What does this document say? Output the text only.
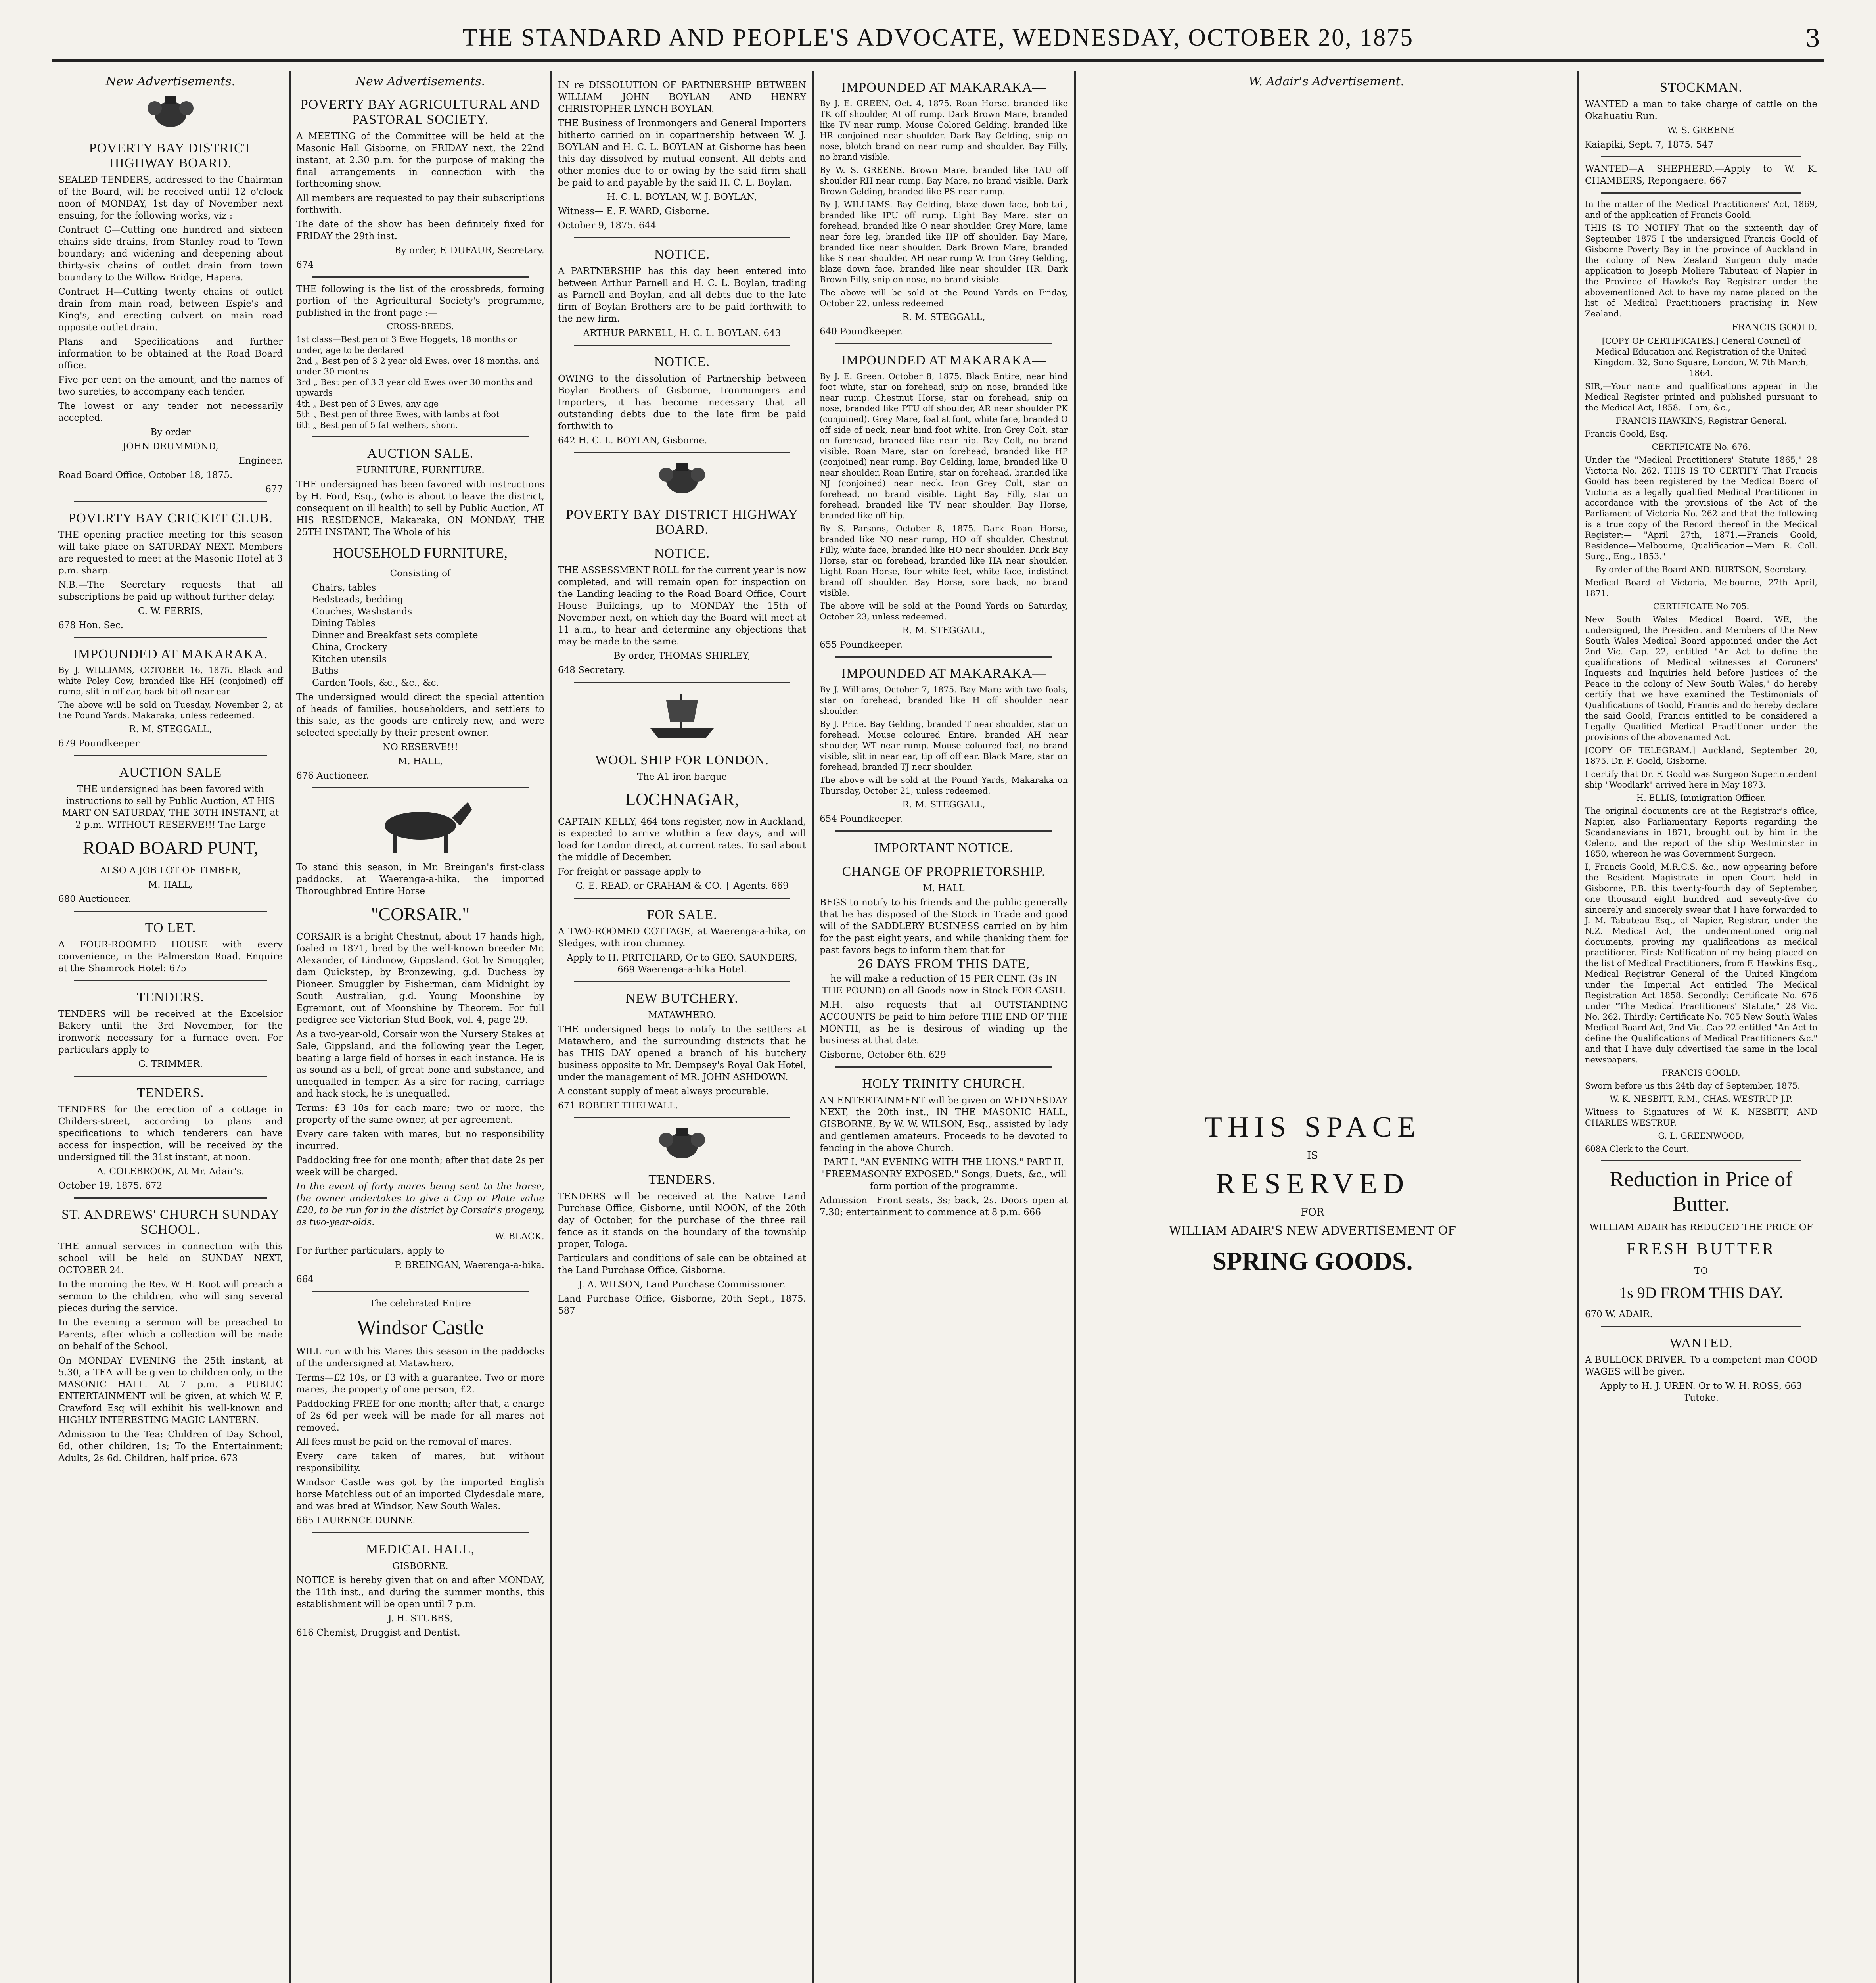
THE STANDARD AND PEOPLE'S ADVOCATE, WEDNESDAY, OCTOBER 20, 1875	3
New Advertisements.
POVERTY BAY DISTRICT HIGHWAY BOARD.
SEALED TENDERS, addressed to the Chairman of the Board, will be received until 12 o'clock noon of MONDAY, 1st day of November next ensuing, for the following works, viz :
Contract G—Cutting one hundred and sixteen chains side drains, from Stanley road to Town boundary; and widening and deepening about thirty-six chains of outlet drain from town boundary to the Willow Bridge, Hapera.
Contract H—Cutting twenty chains of outlet drain from main road, between Espie's and King's, and erecting culvert on main road opposite outlet drain.
Plans and Specifications and further information to be obtained at the Road Board office.
Five per cent on the amount, and the names of two sureties, to accompany each tender.
The lowest or any tender not necessarily accepted.
By order
JOHN DRUMMOND,
Engineer.
Road Board Office, October 18, 1875.
677
POVERTY BAY CRICKET CLUB.
THE opening practice meeting for this season will take place on SATURDAY NEXT. Members are requested to meet at the Masonic Hotel at 3 p.m. sharp.
N.B.—The Secretary requests that all subscriptions be paid up without further delay.
C. W. FERRIS,
678 Hon. Sec.
IMPOUNDED AT MAKARAKA.
By J. WILLIAMS, OCTOBER 16, 1875. Black and white Poley Cow, branded like HH (conjoined) off rump, slit in off ear, back bit off near ear
The above will be sold on Tuesday, November 2, at the Pound Yards, Makaraka, unless redeemed.
R. M. STEGGALL,
679 Poundkeeper
AUCTION SALE
THE undersigned has been favored with instructions to sell by Public Auction, AT HIS MART ON SATURDAY, THE 30TH INSTANT, at 2 p.m. WITHOUT RESERVE!!! The Large
ROAD BOARD PUNT,
ALSO A JOB LOT OF TIMBER,
M. HALL,
680 Auctioneer.
TO LET.
A FOUR-ROOMED HOUSE with every convenience, in the Palmerston Road. Enquire at the Shamrock Hotel: 675
TENDERS.
TENDERS will be received at the Excelsior Bakery until the 3rd November, for the ironwork necessary for a furnace oven. For particulars apply to
G. TRIMMER.
TENDERS.
TENDERS for the erection of a cottage in Childers-street, according to plans and specifications to which tenderers can have access for inspection, will be received by the undersigned till the 31st instant, at noon.
A. COLEBROOK, At Mr. Adair's.
October 19, 1875. 672
ST. ANDREWS' CHURCH SUNDAY SCHOOL.
THE annual services in connection with this school will be held on SUNDAY NEXT, OCTOBER 24.
In the morning the Rev. W. H. Root will preach a sermon to the children, who will sing several pieces during the service.
In the evening a sermon will be preached to Parents, after which a collection will be made on behalf of the School.
On MONDAY EVENING the 25th instant, at 5.30, a TEA will be given to children only, in the MASONIC HALL. At 7 p.m. a PUBLIC ENTERTAINMENT will be given, at which W. F. Crawford Esq will exhibit his well-known and HIGHLY INTERESTING MAGIC LANTERN.
Admission to the Tea: Children of Day School, 6d, other children, 1s; To the Entertainment: Adults, 2s 6d. Children, half price. 673
New Advertisements.
POVERTY BAY AGRICULTURAL AND PASTORAL SOCIETY.
A MEETING of the Committee will be held at the Masonic Hall Gisborne, on FRIDAY next, the 22nd instant, at 2.30 p.m. for the purpose of making the final arrangements in connection with the forthcoming show.
All members are requested to pay their subscriptions forthwith.
The date of the show has been definitely fixed for FRIDAY the 29th inst.
By order, F. DUFAUR, Secretary.
674
THE following is the list of the crossbreds, forming portion of the Agricultural Society's programme, published in the front page :—
CROSS-BREDS.
1st class—Best pen of 3 Ewe Hoggets, 18 months or under, age to be declared
2nd „ Best pen of 3 2 year old Ewes, over 18 months, and under 30 months
3rd „ Best pen of 3 3 year old Ewes over 30 months and upwards
4th „ Best pen of 3 Ewes, any age
5th „ Best pen of three Ewes, with lambs at foot
6th „ Best pen of 5 fat wethers, shorn.
AUCTION SALE.
FURNITURE, FURNITURE.
THE undersigned has been favored with instructions by H. Ford, Esq., (who is about to leave the district, consequent on ill health) to sell by Public Auction, AT HIS RESIDENCE, Makaraka, ON MONDAY, THE 25TH INSTANT, The Whole of his
HOUSEHOLD FURNITURE,
Consisting of
Chairs, tables
Bedsteads, bedding
Couches, Washstands
Dining Tables
Dinner and Breakfast sets complete
China, Crockery
Kitchen utensils
Baths
Garden Tools, &c., &c., &c.
The undersigned would direct the special attention of heads of families, householders, and settlers to this sale, as the goods are entirely new, and were selected specially by their present owner.
NO RESERVE!!!
M. HALL,
676 Auctioneer.
To stand this season, in Mr. Breingan's first-class paddocks, at Waerenga-a-hika, the imported Thoroughbred Entire Horse
"CORSAIR."
CORSAIR is a bright Chestnut, about 17 hands high, foaled in 1871, bred by the well-known breeder Mr. Alexander, of Lindinow, Gippsland. Got by Smuggler, dam Quickstep, by Bronzewing, g.d. Duchess by Pioneer. Smuggler by Fisherman, dam Midnight by South Australian, g.d. Young Moonshine by Egremont, out of Moonshine by Theorem. For full pedigree see Victorian Stud Book, vol. 4, page 29.
As a two-year-old, Corsair won the Nursery Stakes at Sale, Gippsland, and the following year the Leger, beating a large field of horses in each instance. He is as sound as a bell, of great bone and substance, and unequalled in temper. As a sire for racing, carriage and hack stock, he is unequalled.
Terms: £3 10s for each mare; two or more, the property of the same owner, at per agreement.
Every care taken with mares, but no responsibility incurred.
Paddocking free for one month; after that date 2s per week will be charged.
In the event of forty mares being sent to the horse, the owner undertakes to give a Cup or Plate value £20, to be run for in the district by Corsair's progeny, as two-year-olds.
W. BLACK.
For further particulars, apply to
P. BREINGAN, Waerenga-a-hika.
664
The celebrated Entire
Windsor Castle
WILL run with his Mares this season in the paddocks of the undersigned at Matawhero.
Terms—£2 10s, or £3 with a guarantee. Two or more mares, the property of one person, £2.
Paddocking FREE for one month; after that, a charge of 2s 6d per week will be made for all mares not removed.
All fees must be paid on the removal of mares.
Every care taken of mares, but without responsibility.
Windsor Castle was got by the imported English horse Matchless out of an imported Clydesdale mare, and was bred at Windsor, New South Wales.
665 LAURENCE DUNNE.
MEDICAL HALL,
GISBORNE.
NOTICE is hereby given that on and after MONDAY, the 11th inst., and during the summer months, this establishment will be open until 7 p.m.
J. H. STUBBS,
616 Chemist, Druggist and Dentist.
IN re DISSOLUTION OF PARTNERSHIP BETWEEN WILLIAM JOHN BOYLAN AND HENRY CHRISTOPHER LYNCH BOYLAN.
THE Business of Ironmongers and General Importers hitherto carried on in copartnership between W. J. BOYLAN and H. C. L. BOYLAN at Gisborne has been this day dissolved by mutual consent. All debts and other monies due to or owing by the said firm shall be paid to and payable by the said H. C. L. Boylan.
H. C. L. BOYLAN, W. J. BOYLAN,
Witness— E. F. WARD, Gisborne.
October 9, 1875. 644
NOTICE.
A PARTNERSHIP has this day been entered into between Arthur Parnell and H. C. L. Boylan, trading as Parnell and Boylan, and all debts due to the late firm of Boylan Brothers are to be paid forthwith to the new firm.
ARTHUR PARNELL, H. C. L. BOYLAN. 643
NOTICE.
OWING to the dissolution of Partnership between Boylan Brothers of Gisborne, Ironmongers and Importers, it has become necessary that all outstanding debts due to the late firm be paid forthwith to
642 H. C. L. BOYLAN, Gisborne.
POVERTY BAY DISTRICT HIGHWAY BOARD.
NOTICE.
THE ASSESSMENT ROLL for the current year is now completed, and will remain open for inspection on the Landing leading to the Road Board Office, Court House Buildings, up to MONDAY the 15th of November next, on which day the Board will meet at 11 a.m., to hear and determine any objections that may be made to the same.
By order, THOMAS SHIRLEY,
648 Secretary.
WOOL SHIP FOR LONDON.
The A1 iron barque
LOCHNAGAR,
CAPTAIN KELLY, 464 tons register, now in Auckland, is expected to arrive whithin a few days, and will load for London direct, at current rates. To sail about the middle of December.
For freight or passage apply to
G. E. READ, or GRAHAM & CO. } Agents. 669
FOR SALE.
A TWO-ROOMED COTTAGE, at Waerenga-a-hika, on Sledges, with iron chimney.
Apply to H. PRITCHARD, Or to GEO. SAUNDERS, 669 Waerenga-a-hika Hotel.
NEW BUTCHERY.
MATAWHERO.
THE undersigned begs to notify to the settlers at Matawhero, and the surrounding districts that he has THIS DAY opened a branch of his butchery business opposite to Mr. Dempsey's Royal Oak Hotel, under the management of MR. JOHN ASHDOWN.
A constant supply of meat always procurable.
671 ROBERT THELWALL.
TENDERS.
TENDERS will be received at the Native Land Purchase Office, Gisborne, until NOON, of the 20th day of October, for the purchase of the three rail fence as it stands on the boundary of the township proper, Tologa.
Particulars and conditions of sale can be obtained at the Land Purchase Office, Gisborne.
J. A. WILSON, Land Purchase Commissioner.
Land Purchase Office, Gisborne, 20th Sept., 1875. 587
IMPOUNDED AT MAKARAKA—
By J. E. GREEN, Oct. 4, 1875. Roan Horse, branded like TK off shoulder, AI off rump. Dark Brown Mare, branded like TV near rump. Mouse Colored Gelding, branded like HR conjoined near shoulder. Dark Bay Gelding, snip on nose, blotch brand on near rump and shoulder. Bay Filly, no brand visible.
By W. S. GREENE. Brown Mare, branded like TAU off shoulder RH near rump. Bay Mare, no brand visible. Dark Brown Gelding, branded like PS near rump.
By J. WILLIAMS. Bay Gelding, blaze down face, bob-tail, branded like IPU off rump. Light Bay Mare, star on forehead, branded like O near shoulder. Grey Mare, lame near fore leg, branded like HP off shoulder. Bay Mare, branded like near shoulder. Dark Brown Mare, branded like S near shoulder, AH near rump W. Iron Grey Gelding, blaze down face, branded like near shoulder HR. Dark Brown Filly, snip on nose, no brand visible.
The above will be sold at the Pound Yards on Friday, October 22, unless redeemed
R. M. STEGGALL,
640 Poundkeeper.
IMPOUNDED AT MAKARAKA—
By J. E. Green, October 8, 1875. Black Entire, near hind foot white, star on forehead, snip on nose, branded like near rump. Chestnut Horse, star on forehead, snip on nose, branded like PTU off shoulder, AR near shoulder PK (conjoined). Grey Mare, foal at foot, white face, branded O off side of neck, near hind foot white. Iron Grey Colt, star on forehead, branded like near hip. Bay Colt, no brand visible. Roan Mare, star on forehead, branded like HP (conjoined) near rump. Bay Gelding, lame, branded like U near shoulder. Roan Entire, star on forehead, branded like NJ (conjoined) near neck. Iron Grey Colt, star on forehead, no brand visible. Light Bay Filly, star on forehead, branded like TV near shoulder. Bay Horse, branded like off hip.
By S. Parsons, October 8, 1875. Dark Roan Horse, branded like NO near rump, HO off shoulder. Chestnut Filly, white face, branded like HO near shoulder. Dark Bay Horse, star on forehead, branded like HA near shoulder. Light Roan Horse, four white feet, white face, indistinct brand off shoulder. Bay Horse, sore back, no brand visible.
The above will be sold at the Pound Yards on Saturday, October 23, unless redeemed.
R. M. STEGGALL,
655 Poundkeeper.
IMPOUNDED AT MAKARAKA—
By J. Williams, October 7, 1875. Bay Mare with two foals, star on forehead, branded like H off shoulder near shoulder.
By J. Price. Bay Gelding, branded T near shoulder, star on forehead. Mouse coloured Entire, branded AH near shoulder, WT near rump. Mouse coloured foal, no brand visible, slit in near ear, tip off off ear. Black Mare, star on forehead, branded TJ near shoulder.
The above will be sold at the Pound Yards, Makaraka on Thursday, October 21, unless redeemed.
R. M. STEGGALL,
654 Poundkeeper.
IMPORTANT NOTICE.
CHANGE OF PROPRIETORSHIP.
M. HALL
BEGS to notify to his friends and the public generally that he has disposed of the Stock in Trade and good will of the SADDLERY BUSINESS carried on by him for the past eight years, and while thanking them for past favors begs to inform them that for
26 DAYS FROM THIS DATE,
he will make a reduction of 15 PER CENT. (3s IN THE POUND) on all Goods now in Stock FOR CASH.
M.H. also requests that all OUTSTANDING ACCOUNTS be paid to him before THE END OF THE MONTH, as he is desirous of winding up the business at that date.
Gisborne, October 6th. 629
HOLY TRINITY CHURCH.
AN ENTERTAINMENT will be given on WEDNESDAY NEXT, the 20th inst., IN THE MASONIC HALL, GISBORNE, By W. W. WILSON, Esq., assisted by lady and gentlemen amateurs. Proceeds to be devoted to fencing in the above Church.
PART I. "AN EVENING WITH THE LIONS." PART II. "FREEMASONRY EXPOSED." Songs, Duets, &c., will form portion of the programme.
Admission—Front seats, 3s; back, 2s. Doors open at 7.30; entertainment to commence at 8 p.m. 666
W. Adair's Advertisement.
THIS SPACE
IS
RESERVED
FOR
WILLIAM ADAIR'S NEW ADVERTISEMENT OF
SPRING GOODS.
STOCKMAN.
WANTED a man to take charge of cattle on the Okahuatiu Run.
W. S. GREENE
Kaiapiki, Sept. 7, 1875. 547
WANTED—A SHEPHERD.—Apply to W. K. CHAMBERS, Repongaere. 667
In the matter of the Medical Practitioners' Act, 1869, and of the application of Francis Goold.
THIS IS TO NOTIFY That on the sixteenth day of September 1875 I the undersigned Francis Goold of Gisborne Poverty Bay in the province of Auckland in the colony of New Zealand Surgeon duly made application to Joseph Moliere Tabuteau of Napier in the Province of Hawke's Bay Registrar under the abovementioned Act to have my name placed on the list of Medical Practitioners practising in New Zealand.
FRANCIS GOOLD.
[COPY OF CERTIFICATES.] General Council of Medical Education and Registration of the United Kingdom, 32, Soho Square, London, W. 7th March, 1864.
SIR,—Your name and qualifications appear in the Medical Register printed and published pursuant to the Medical Act, 1858.—I am, &c.,
FRANCIS HAWKINS, Registrar General.
Francis Goold, Esq.
CERTIFICATE No. 676.
Under the "Medical Practitioners' Statute 1865," 28 Victoria No. 262. THIS IS TO CERTIFY That Francis Goold has been registered by the Medical Board of Victoria as a legally qualified Medical Practitioner in accordance with the provisions of the Act of the Parliament of Victoria No. 262 and that the following is a true copy of the Record thereof in the Medical Register:— "April 27th, 1871.—Francis Goold, Residence—Melbourne, Qualification—Mem. R. Coll. Surg., Eng., 1853."
By order of the Board AND. BURTSON, Secretary.
Medical Board of Victoria, Melbourne, 27th April, 1871.
CERTIFICATE No 705.
New South Wales Medical Board. WE, the undersigned, the President and Members of the New South Wales Medical Board appointed under the Act 2nd Vic. Cap. 22, entitled "An Act to define the qualifications of Medical witnesses at Coroners' Inquests and Inquiries held before Justices of the Peace in the colony of New South Wales," do hereby certify that we have examined the Testimonials of Qualifications of Goold, Francis and do hereby declare the said Goold, Francis entitled to be considered a Legally Qualified Medical Practitioner under the provisions of the abovenamed Act.
[COPY OF TELEGRAM.] Auckland, September 20, 1875. Dr. F. Goold, Gisborne.
I certify that Dr. F. Goold was Surgeon Superintendent ship "Woodlark" arrived here in May 1873.
H. ELLIS, Immigration Officer.
The original documents are at the Registrar's office, Napier, also Parliamentary Reports regarding the Scandanavians in 1871, brought out by him in the Celeno, and the report of the ship Westminster in 1850, whereon he was Government Surgeon.
I, Francis Goold, M.R.C.S. &c., now appearing before the Resident Magistrate in open Court held in Gisborne, P.B. this twenty-fourth day of September, one thousand eight hundred and seventy-five do sincerely and sincerely swear that I have forwarded to J. M. Tabuteau Esq., of Napier, Registrar, under the N.Z. Medical Act, the undermentioned original documents, proving my qualifications as medical practitioner. First: Notification of my being placed on the list of Medical Practitioners, from F. Hawkins Esq., Medical Registrar General of the United Kingdom under the Imperial Act entitled The Medical Registration Act 1858. Secondly: Certificate No. 676 under "The Medical Practitioners' Statute," 28 Vic. No. 262. Thirdly: Certificate No. 705 New South Wales Medical Board Act, 2nd Vic. Cap 22 entitled "An Act to define the Qualifications of Medical Practitioners &c." and that I have duly advertised the same in the local newspapers.
FRANCIS GOOLD.
Sworn before us this 24th day of September, 1875.
W. K. NESBITT, R.M., CHAS. WESTRUP J.P.
Witness to Signatures of W. K. NESBITT, AND CHARLES WESTRUP.
G. L. GREENWOOD,
608A Clerk to the Court.
Reduction in Price of Butter.
WILLIAM ADAIR has REDUCED THE PRICE OF
FRESH BUTTER
TO
1s 9D FROM THIS DAY.
670 W. ADAIR.
WANTED.
A BULLOCK DRIVER. To a competent man GOOD WAGES will be given.
Apply to H. J. UREN. Or to W. H. ROSS, 663 Tutoke.
